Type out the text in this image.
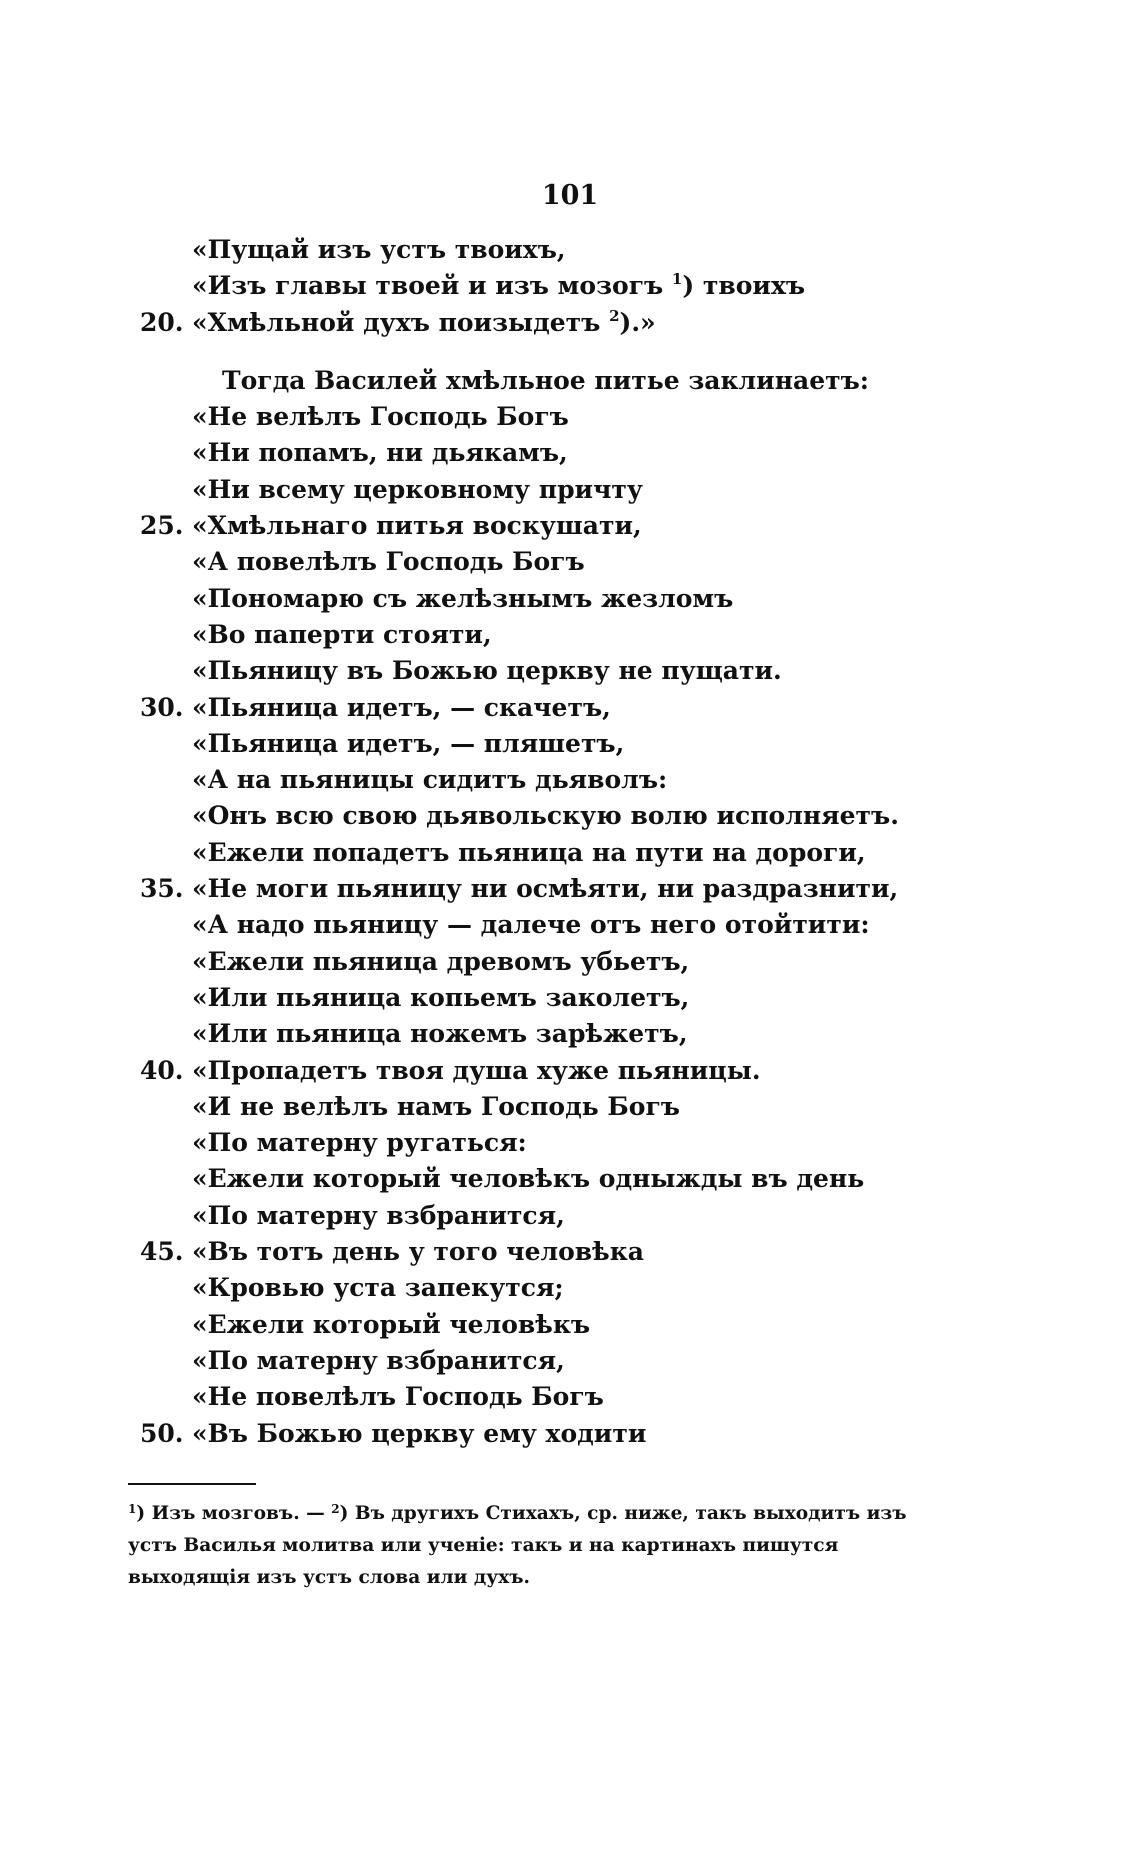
101
«Пущай изъ устъ твоихъ,
«Изъ главы твоей и изъ мозогъ $^1$) твоихъ
20. «Хмѣльной духъ поизыдетъ $^2$).»
Тогда Василей хмѣльное питье заклинаетъ:
«Не велѣлъ Господь Богъ
«Ни попамъ, ни дьякамъ,
«Ни всему церковному причту
25. «Хмѣльнаго питья воскушати,
«А повелѣлъ Господь Богъ
«Пономарю съ желѣзнымъ жезломъ
«Во паперти стояти,
«Пьяницу въ Божью церкву не пущати.
30. «Пьяница идетъ, — скачетъ,
«Пьяница идетъ, — пляшетъ,
«А на пьяницы сидитъ дьяволъ:
«Онъ всю свою дьявольскую волю исполняетъ.
«Ежели попадетъ пьяница на пути на дороги,
35. «Не моги пьяницу ни осмѣяти, ни раздразнити,
«А надо пьяницу — далече отъ него отойтити:
«Ежели пьяница древомъ убьетъ,
«Или пьяница копьемъ заколетъ,
«Или пьяница ножемъ зарѣжетъ,
40. «Пропадетъ твоя душа хуже пьяницы.
«И не велѣлъ намъ Господь Богъ
«По матерну ругаться:
«Ежели который человѣкъ одныжды въ день
«По матерну взбранится,
45. «Въ тотъ день у того человѣка
«Кровью уста запекутся;
«Ежели который человѣкъ
«По матерну взбранится,
«Не повелѣлъ Господь Богъ
50. «Въ Божью церкву ему ходити
$^1$) Изъ мозговъ. — $^2$) Въ другихъ Стихахъ, ср. ниже, такъ выходитъ изъ устъ Василья молитва или ученіе: такъ и на картинахъ пишутся выходящія изъ устъ слова или духъ.
